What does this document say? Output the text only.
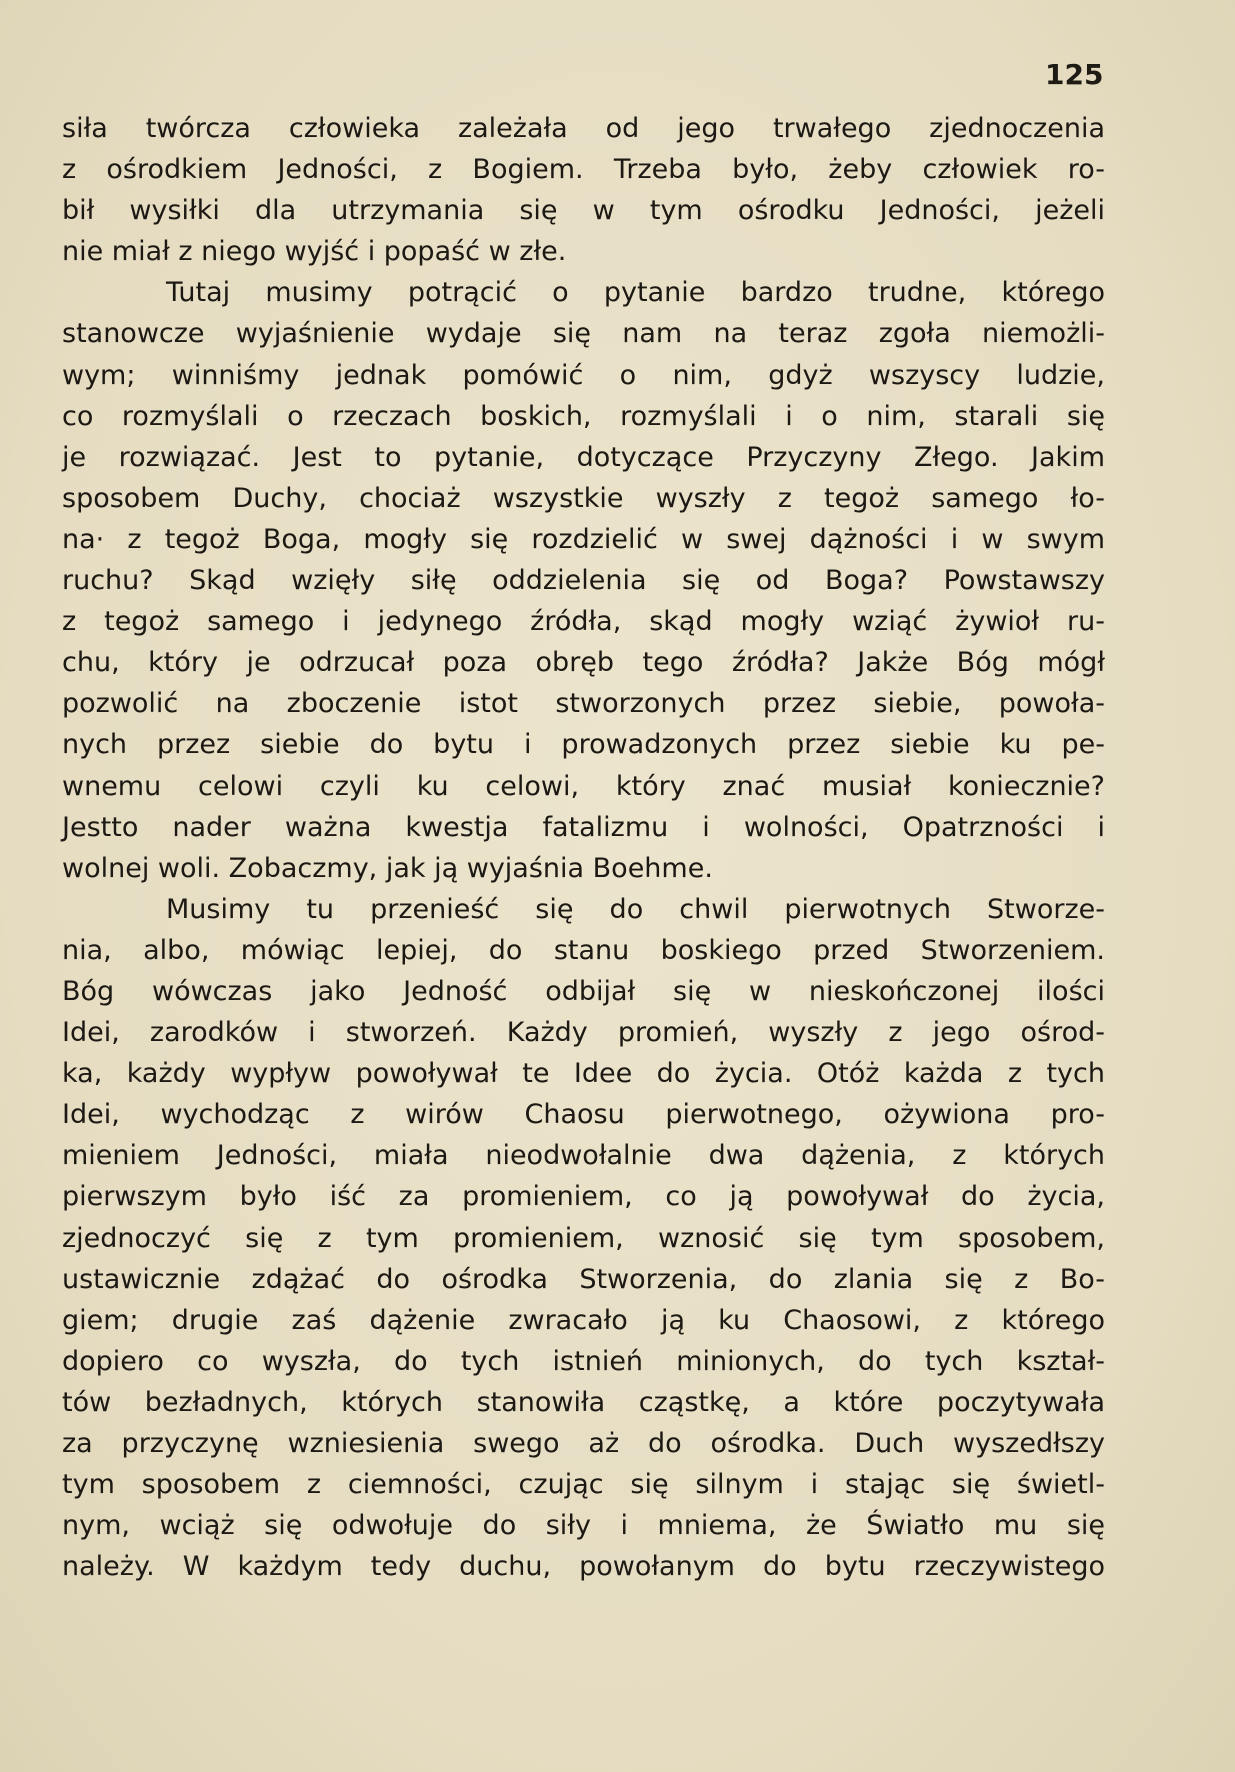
125
siła twórcza człowieka zależała od jego trwałego zjednoczenia
z ośrodkiem Jedności, z Bogiem. Trzeba było, żeby człowiek ro-
bił wysiłki dla utrzymania się w tym ośrodku Jedności, jeżeli
nie miał z niego wyjść i popaść w złe.
Tutaj musimy potrącić o pytanie bardzo trudne, którego
stanowcze wyjaśnienie wydaje się nam na teraz zgoła niemożli-
wym; winniśmy jednak pomówić o nim, gdyż wszyscy ludzie,
co rozmyślali o rzeczach boskich, rozmyślali i o nim, starali się
je rozwiązać. Jest to pytanie, dotyczące Przyczyny Złego. Jakim
sposobem Duchy, chociaż wszystkie wyszły z tegoż samego ło-
na· z tegoż Boga, mogły się rozdzielić w swej dążności i w swym
ruchu? Skąd wzięły siłę oddzielenia się od Boga? Powstawszy
z tegoż samego i jedynego źródła, skąd mogły wziąć żywioł ru-
chu, który je odrzucał poza obręb tego źródła? Jakże Bóg mógł
pozwolić na zboczenie istot stworzonych przez siebie, powoła-
nych przez siebie do bytu i prowadzonych przez siebie ku pe-
wnemu celowi czyli ku celowi, który znać musiał koniecznie?
Jestto nader ważna kwestja fatalizmu i wolności, Opatrzności i
wolnej woli. Zobaczmy, jak ją wyjaśnia Boehme.
Musimy tu przenieść się do chwil pierwotnych Stworze-
nia, albo, mówiąc lepiej, do stanu boskiego przed Stworzeniem.
Bóg wówczas jako Jedność odbijał się w nieskończonej ilości
Idei, zarodków i stworzeń. Każdy promień, wyszły z jego ośrod-
ka, każdy wypływ powoływał te Idee do życia. Otóż każda z tych
Idei, wychodząc z wirów Chaosu pierwotnego, ożywiona pro-
mieniem Jedności, miała nieodwołalnie dwa dążenia, z których
pierwszym było iść za promieniem, co ją powoływał do życia,
zjednoczyć się z tym promieniem, wznosić się tym sposobem,
ustawicznie zdążać do ośrodka Stworzenia, do zlania się z Bo-
giem; drugie zaś dążenie zwracało ją ku Chaosowi, z którego
dopiero co wyszła, do tych istnień minionych, do tych kształ-
tów bezładnych, których stanowiła cząstkę, a które poczytywała
za przyczynę wzniesienia swego aż do ośrodka. Duch wyszedłszy
tym sposobem z ciemności, czując się silnym i stając się świetl-
nym, wciąż się odwołuje do siły i mniema, że Światło mu się
należy. W każdym tedy duchu, powołanym do bytu rzeczywistego
